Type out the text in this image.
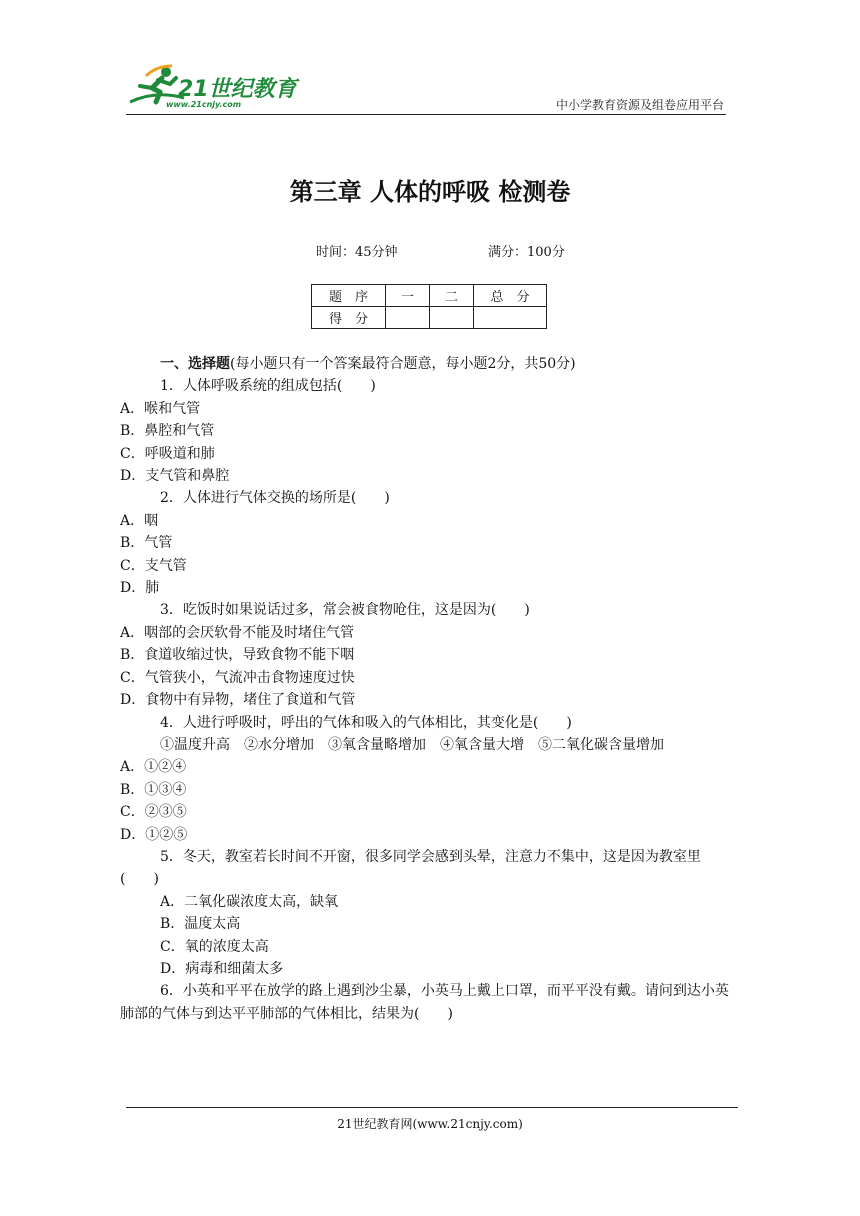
21世纪教育
www.21cnjy.com	中小学教育资源及组卷应用平台
第三章 人体的呼吸 检测卷
时间：45分钟	满分：100分
题　序	一	二	总　分
得　分			
一、选择题(每小题只有一个答案最符合题意，每小题2分，共50分)
1．人体呼吸系统的组成包括(　　)
A．喉和气管
B．鼻腔和气管
C．呼吸道和肺
D．支气管和鼻腔
2．人体进行气体交换的场所是(　　)
A．咽
B．气管
C．支气管
D．肺
3．吃饭时如果说话过多，常会被食物呛住，这是因为(　　)
A．咽部的会厌软骨不能及时堵住气管
B．食道收缩过快，导致食物不能下咽
C．气管狭小，气流冲击食物速度过快
D．食物中有异物，堵住了食道和气管
4．人进行呼吸时，呼出的气体和吸入的气体相比，其变化是(　　)
①温度升高　②水分增加　③氧含量略增加　④氧含量大增　⑤二氧化碳含量增加
A．①②④
B．①③④
C．②③⑤
D．①②⑤
5．冬天，教室若长时间不开窗，很多同学会感到头晕，注意力不集中，这是因为教室里(　　)
A．二氧化碳浓度太高，缺氧
B．温度太高
C．氧的浓度太高
D．病毒和细菌太多
6．小英和平平在放学的路上遇到沙尘暴，小英马上戴上口罩，而平平没有戴。请问到达小英肺部的气体与到达平平肺部的气体相比，结果为(　　)
21世纪教育网(www.21cnjy.com)
